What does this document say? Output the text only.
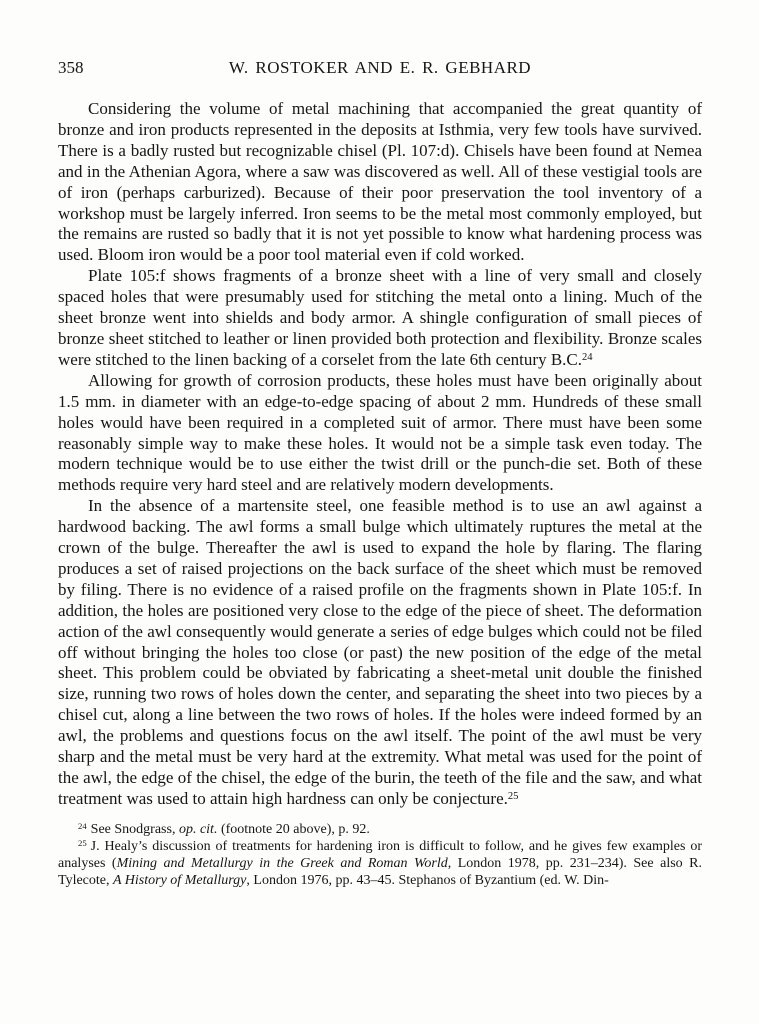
358	W. ROSTOKER AND E. R. GEBHARD

Considering the volume of metal machining that accompanied the great quantity of bronze and iron products represented in the deposits at Isthmia, very few tools have survived. There is a badly rusted but recognizable chisel (Pl. 107:d). Chisels have been found at Nemea and in the Athenian Agora, where a saw was discovered as well. All of these vestigial tools are of iron (perhaps carburized). Because of their poor preservation the tool inventory of a workshop must be largely inferred. Iron seems to be the metal most commonly employed, but the remains are rusted so badly that it is not yet possible to know what hardening process was used. Bloom iron would be a poor tool material even if cold worked.

Plate 105:f shows fragments of a bronze sheet with a line of very small and closely spaced holes that were presumably used for stitching the metal onto a lining. Much of the sheet bronze went into shields and body armor. A shingle configuration of small pieces of bronze sheet stitched to leather or linen provided both protection and flexibility. Bronze scales were stitched to the linen backing of a corselet from the late 6th century B.C.$^{24}$

Allowing for growth of corrosion products, these holes must have been originally about 1.5 mm. in diameter with an edge-to-edge spacing of about 2 mm. Hundreds of these small holes would have been required in a completed suit of armor. There must have been some reasonably simple way to make these holes. It would not be a simple task even today. The modern technique would be to use either the twist drill or the punch-die set. Both of these methods require very hard steel and are relatively modern developments.

In the absence of a martensite steel, one feasible method is to use an awl against a hardwood backing. The awl forms a small bulge which ultimately ruptures the metal at the crown of the bulge. Thereafter the awl is used to expand the hole by flaring. The flaring produces a set of raised projections on the back surface of the sheet which must be removed by filing. There is no evidence of a raised profile on the fragments shown in Plate 105:f. In addition, the holes are positioned very close to the edge of the piece of sheet. The deformation action of the awl consequently would generate a series of edge bulges which could not be filed off without bringing the holes too close (or past) the new position of the edge of the metal sheet. This problem could be obviated by fabricating a sheet-metal unit double the finished size, running two rows of holes down the center, and separating the sheet into two pieces by a chisel cut, along a line between the two rows of holes. If the holes were indeed formed by an awl, the problems and questions focus on the awl itself. The point of the awl must be very sharp and the metal must be very hard at the extremity. What metal was used for the point of the awl, the edge of the chisel, the edge of the burin, the teeth of the file and the saw, and what treatment was used to attain high hardness can only be conjecture.$^{25}$

$^{24}$ See Snodgrass, op. cit. (footnote 20 above), p. 92.

$^{25}$ J. Healy’s discussion of treatments for hardening iron is difficult to follow, and he gives few examples or analyses (Mining and Metallurgy in the Greek and Roman World, London 1978, pp. 231–234). See also R. Tylecote, A History of Metallurgy, London 1976, pp. 43–45. Stephanos of Byzantium (ed. W. Din-
